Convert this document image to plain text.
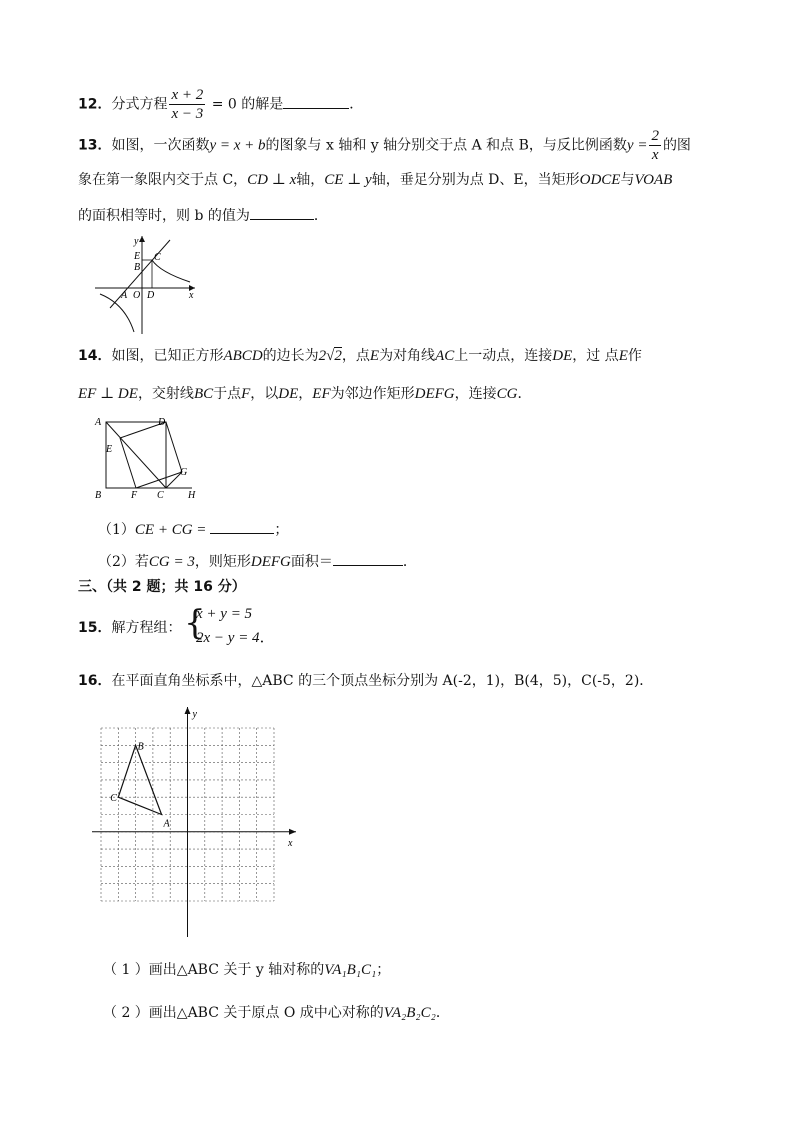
12．分式方程 $\frac{x + 2}{x - 3} = 0$ 的解是	．
13．如图，一次函数y = x + b的图象与 x 轴和 y 轴分别交于点 A 和点 B，与反比例函数$y = \frac{2}{x}$ 的图
象在第一象限内交于点 C，CD ⊥ x轴，CE ⊥ y轴，垂足分别为点 D、E，当矩形ODCE与VOAB
的面积相等时，则 b 的值为	．
y
x
E
B
C
A O D
14．如图，已知正方形ABCD的边长为2√2，点E为对角线AC上一动点，连接DE，过 点E作
EF ⊥ DE，交射线BC于点F，以DE，EF为邻边作矩形DEFG，连接CG．
A	D
E
G
B	F C H
（1）CE + CG =	；
（2）若CG = 3，则矩形DEFG面积＝	．
三、（共 2 题；共 16 分）
15．解方程组： {
x + y = 5
2x − y = 4．
16．在平面直角坐标系中，△ABC 的三个顶点坐标分别为 A(-2，1)，B(4，5)，C(-5，2)．
y
x
A
B
C
（ 1 ）画出△ABC 关于 y 轴对称的VA₁B₁C₁；
（ 2 ）画出△ABC 关于原点 O 成中心对称的VA₂B₂C₂．
